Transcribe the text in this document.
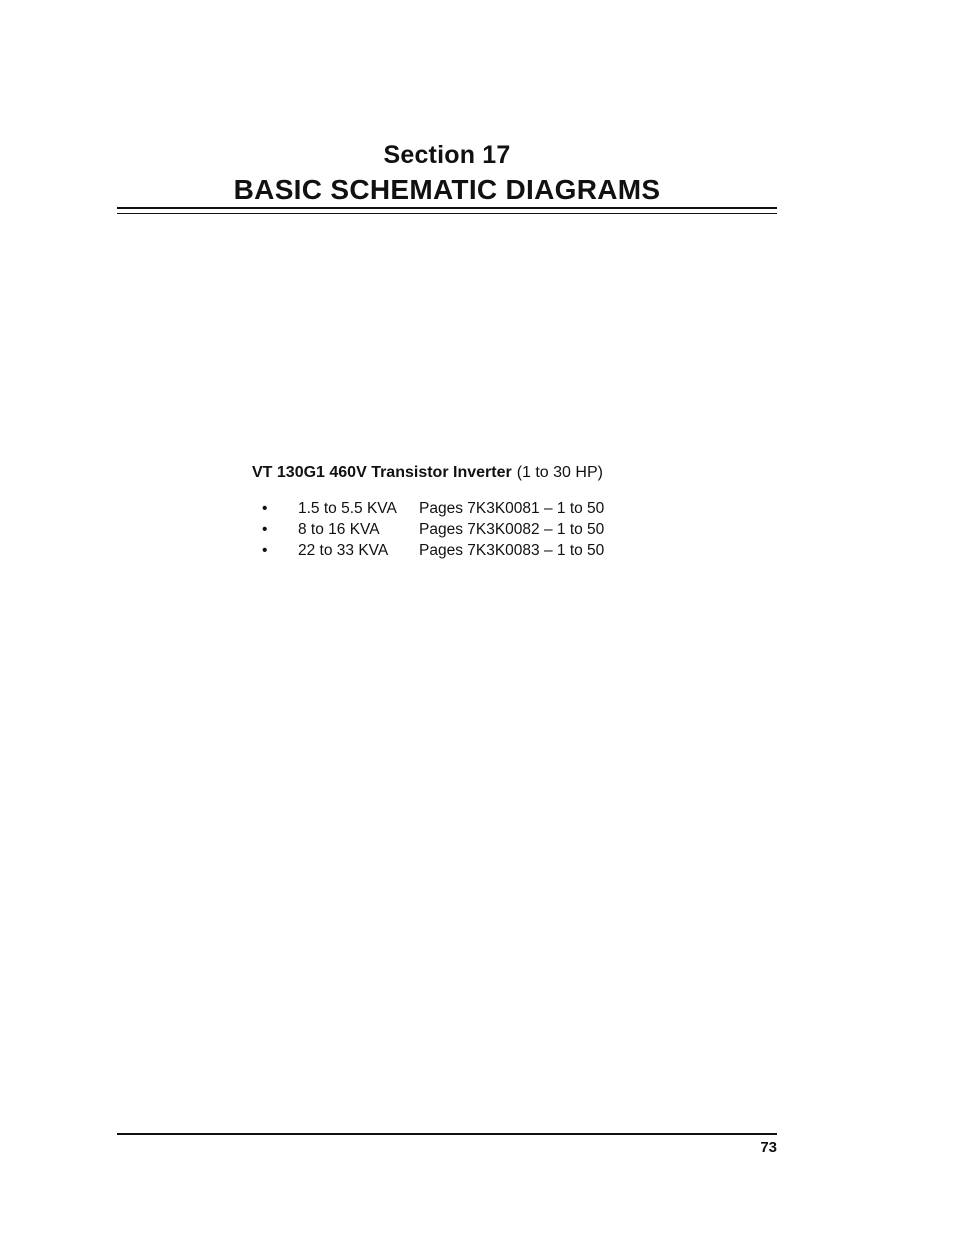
Section 17
BASIC SCHEMATIC DIAGRAMS
VT 130G1 460V Transistor Inverter (1 to 30 HP)
•	1.5 to 5.5 KVA	Pages 7K3K0081 – 1 to 50
•	8 to 16 KVA	Pages 7K3K0082 – 1 to 50
•	22 to 33 KVA	Pages 7K3K0083 – 1 to 50
73
